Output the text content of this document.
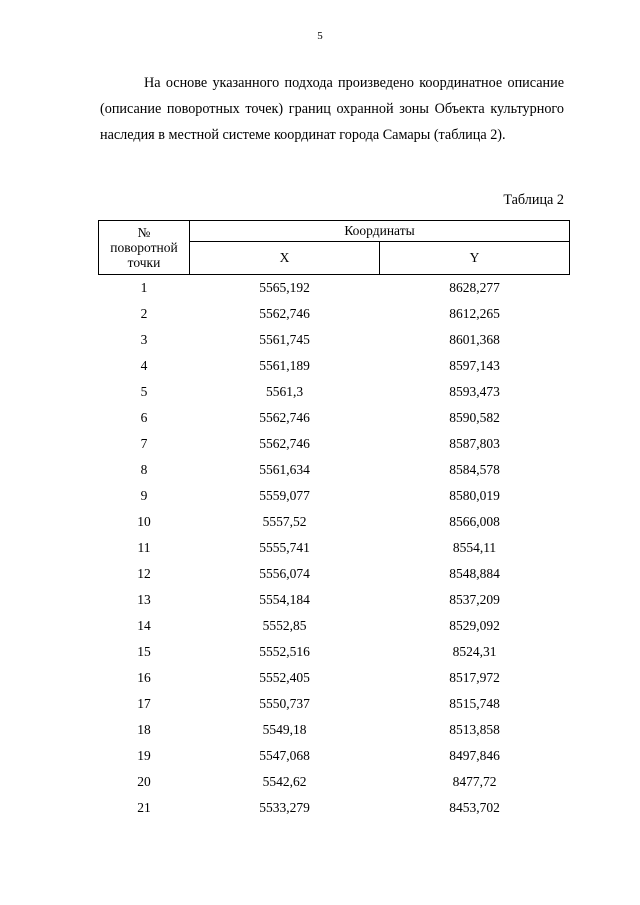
5
На основе указанного подхода произведено координатное описание (описание поворотных точек) границ охранной зоны Объекта культурного наследия в местной системе координат города Самары (таблица 2).
Таблица 2
№
поворотной
точки	Координаты	
	X	Y
1	5565,192	8628,277
2	5562,746	8612,265
3	5561,745	8601,368
4	5561,189	8597,143
5	5561,3	8593,473
6	5562,746	8590,582
7	5562,746	8587,803
8	5561,634	8584,578
9	5559,077	8580,019
10	5557,52	8566,008
11	5555,741	8554,11
12	5556,074	8548,884
13	5554,184	8537,209
14	5552,85	8529,092
15	5552,516	8524,31
16	5552,405	8517,972
17	5550,737	8515,748
18	5549,18	8513,858
19	5547,068	8497,846
20	5542,62	8477,72
21	5533,279	8453,702
